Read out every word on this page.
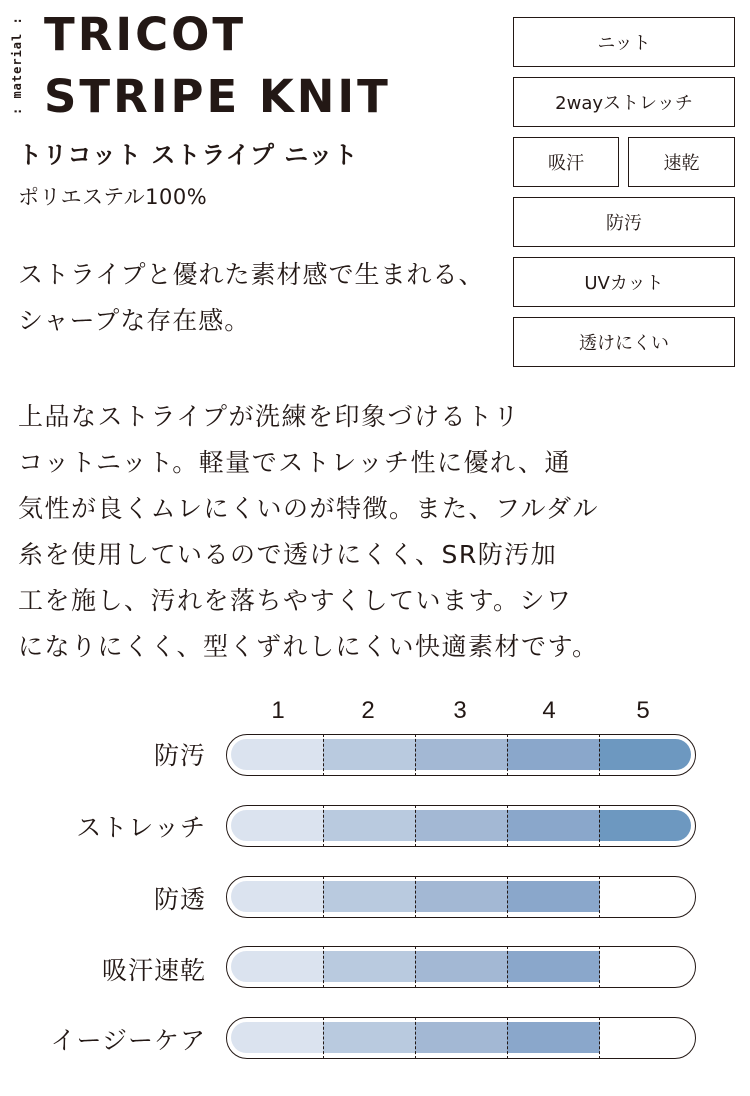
: material : TRICOT
STRIPE KNIT
トリコット ストライプ ニット
ポリエステル100%
ストライプと優れた素材感で生まれる、
シャープな存在感。
ニット
2wayストレッチ
吸汗	速乾
防汚
UVカット
透けにくい
上品なストライプが洗練を印象づけるトリ
コットニット。軽量でストレッチ性に優れ、通
気性が良くムレにくいのが特徴。また、フルダル
糸を使用しているので透けにくく、SR防汚加
工を施し、汚れを落ちやすくしています。シワ
になりにくく、型くずれしにくい快適素材です。
1	2	3	4	5
防汚
ストレッチ
防透
吸汗速乾
イージーケア
